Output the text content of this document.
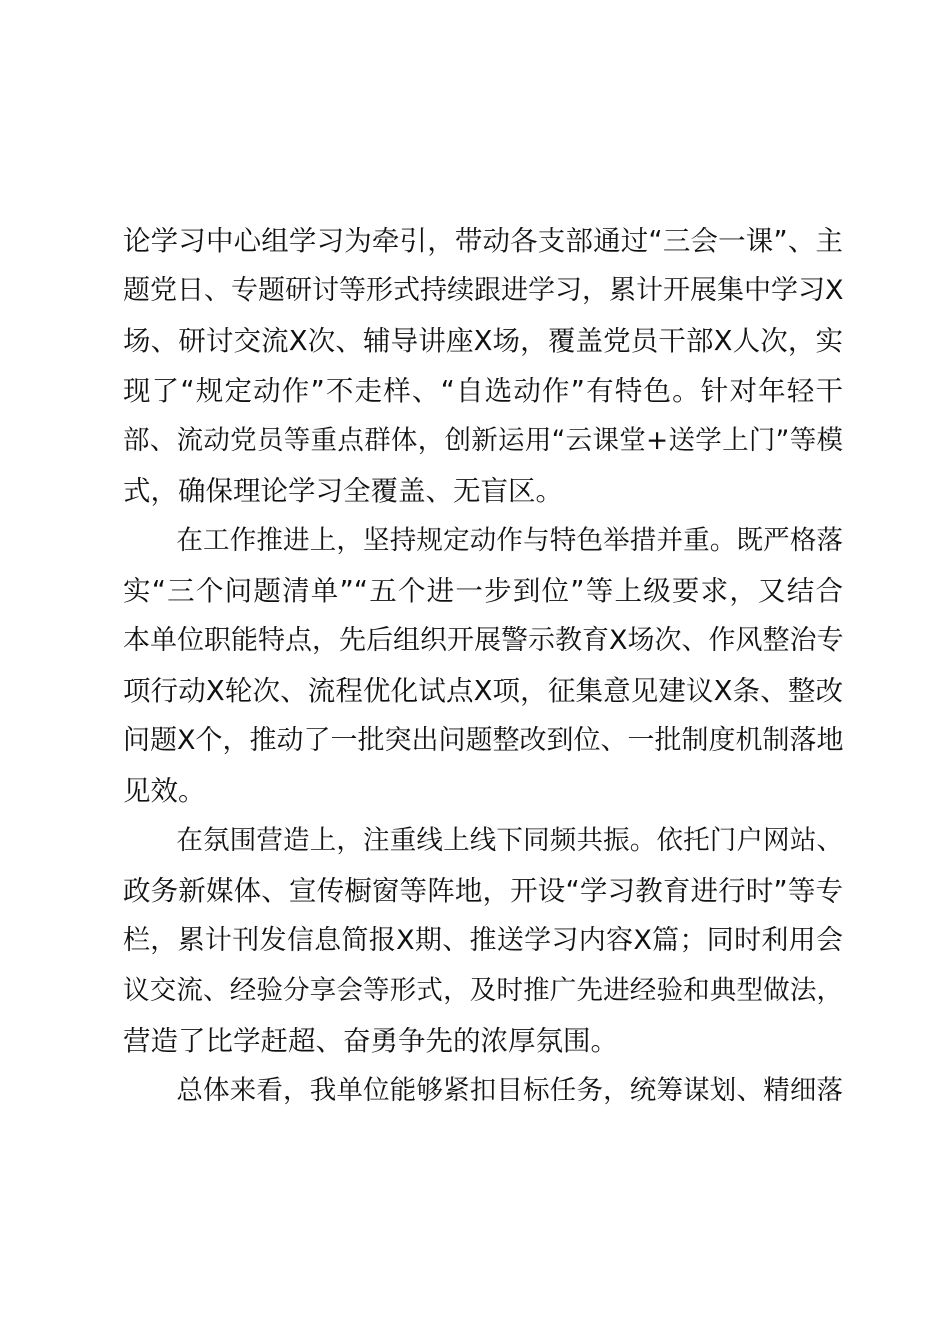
论学习中心组学习为牵引，带动各支部通过“三会一课”、主
题党日、专题研讨等形式持续跟进学习，累计开展集中学习X
场、研讨交流X次、辅导讲座X场，覆盖党员干部X人次，实
现了“规定动作”不走样、“自选动作”有特色。针对年轻干
部、流动党员等重点群体，创新运用“云课堂+送学上门”等模
式，确保理论学习全覆盖、无盲区。
　　在工作推进上，坚持规定动作与特色举措并重。既严格落
实“三个问题清单”“五个进一步到位”等上级要求，又结合
本单位职能特点，先后组织开展警示教育X场次、作风整治专
项行动X轮次、流程优化试点X项，征集意见建议X条、整改
问题X个，推动了一批突出问题整改到位、一批制度机制落地
见效。
　　在氛围营造上，注重线上线下同频共振。依托门户网站、
政务新媒体、宣传橱窗等阵地，开设“学习教育进行时”等专
栏，累计刊发信息简报X期、推送学习内容X篇；同时利用会
议交流、经验分享会等形式，及时推广先进经验和典型做法，
营造了比学赶超、奋勇争先的浓厚氛围。
　　总体来看，我单位能够紧扣目标任务，统筹谋划、精细落
